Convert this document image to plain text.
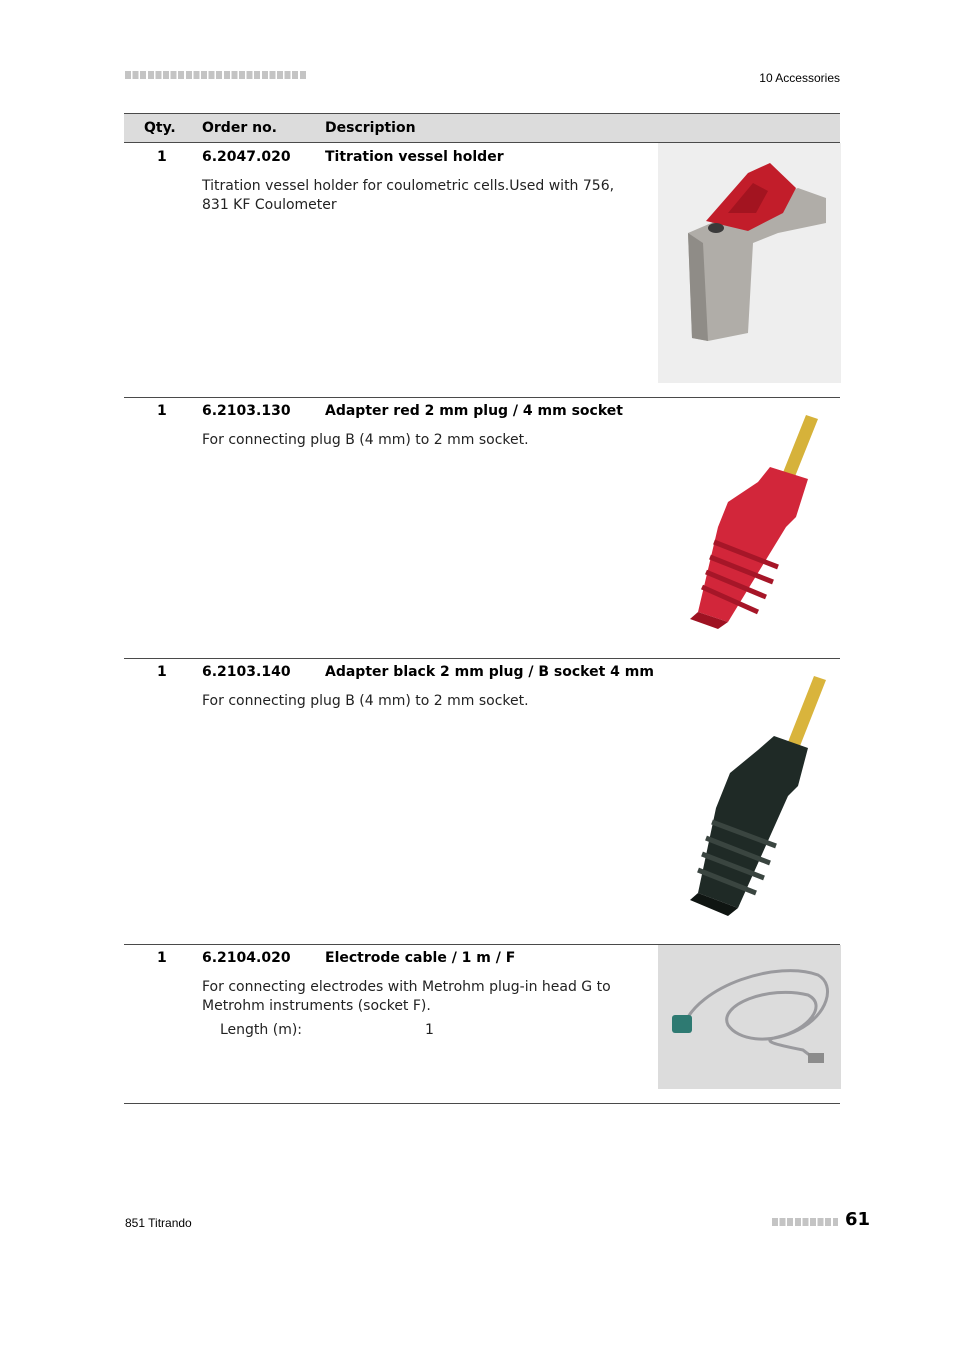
10 Accessories
Qty. Order no.	Description
1	6.2047.020 Titration vessel holder
Titration vessel holder for coulometric cells.Used with 756, 831 KF Coulometer
1	6.2103.130 Adapter red 2 mm plug / 4 mm socket
For connecting plug B (4 mm) to 2 mm socket.
1	6.2103.140 Adapter black 2 mm plug / B socket 4 mm
For connecting plug B (4 mm) to 2 mm socket.
1	6.2104.020 Electrode cable / 1 m / F
For connecting electrodes with Metrohm plug-in head G to Metrohm instruments (socket F).
Length (m):	1
851 Titrando	61
